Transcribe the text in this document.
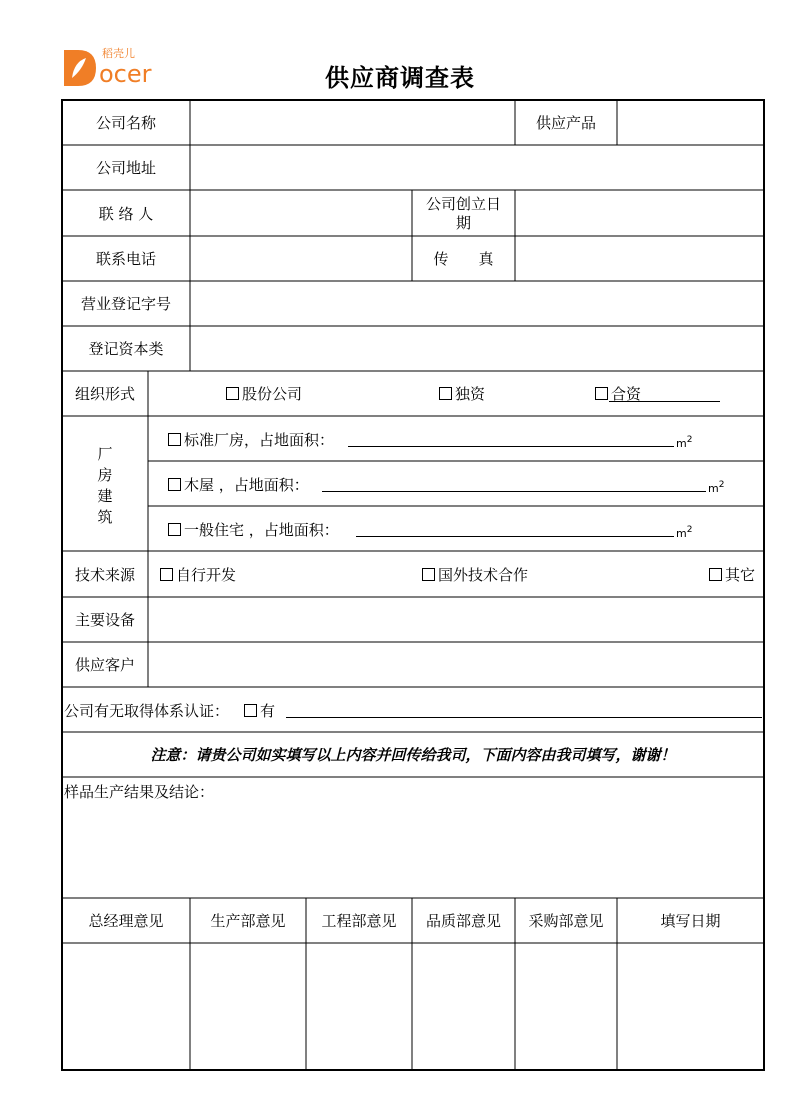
稻壳儿
ocer	供应商调查表
公司名称	供应产品
公司地址
联 络 人
公司创立日
期
联系电话	传　　真
营业登记字号
登记资本类
组织形式	股份公司	独资	合资
厂
房
建
筑
标准厂房，占地面积：	$m^2$
木屋 ，占地面积：	$m^2$
一般住宅 ，占地面积：	$m^2$
技术来源	自行开发	国外技术合作	其它
主要设备
供应客户
公司有无取得体系认证：	有
注意：请贵公司如实填写以上内容并回传给我司，下面内容由我司填写，谢谢！
样品生产结果及结论：
总经理意见	生产部意见	工程部意见	品质部意见	采购部意见	填写日期
